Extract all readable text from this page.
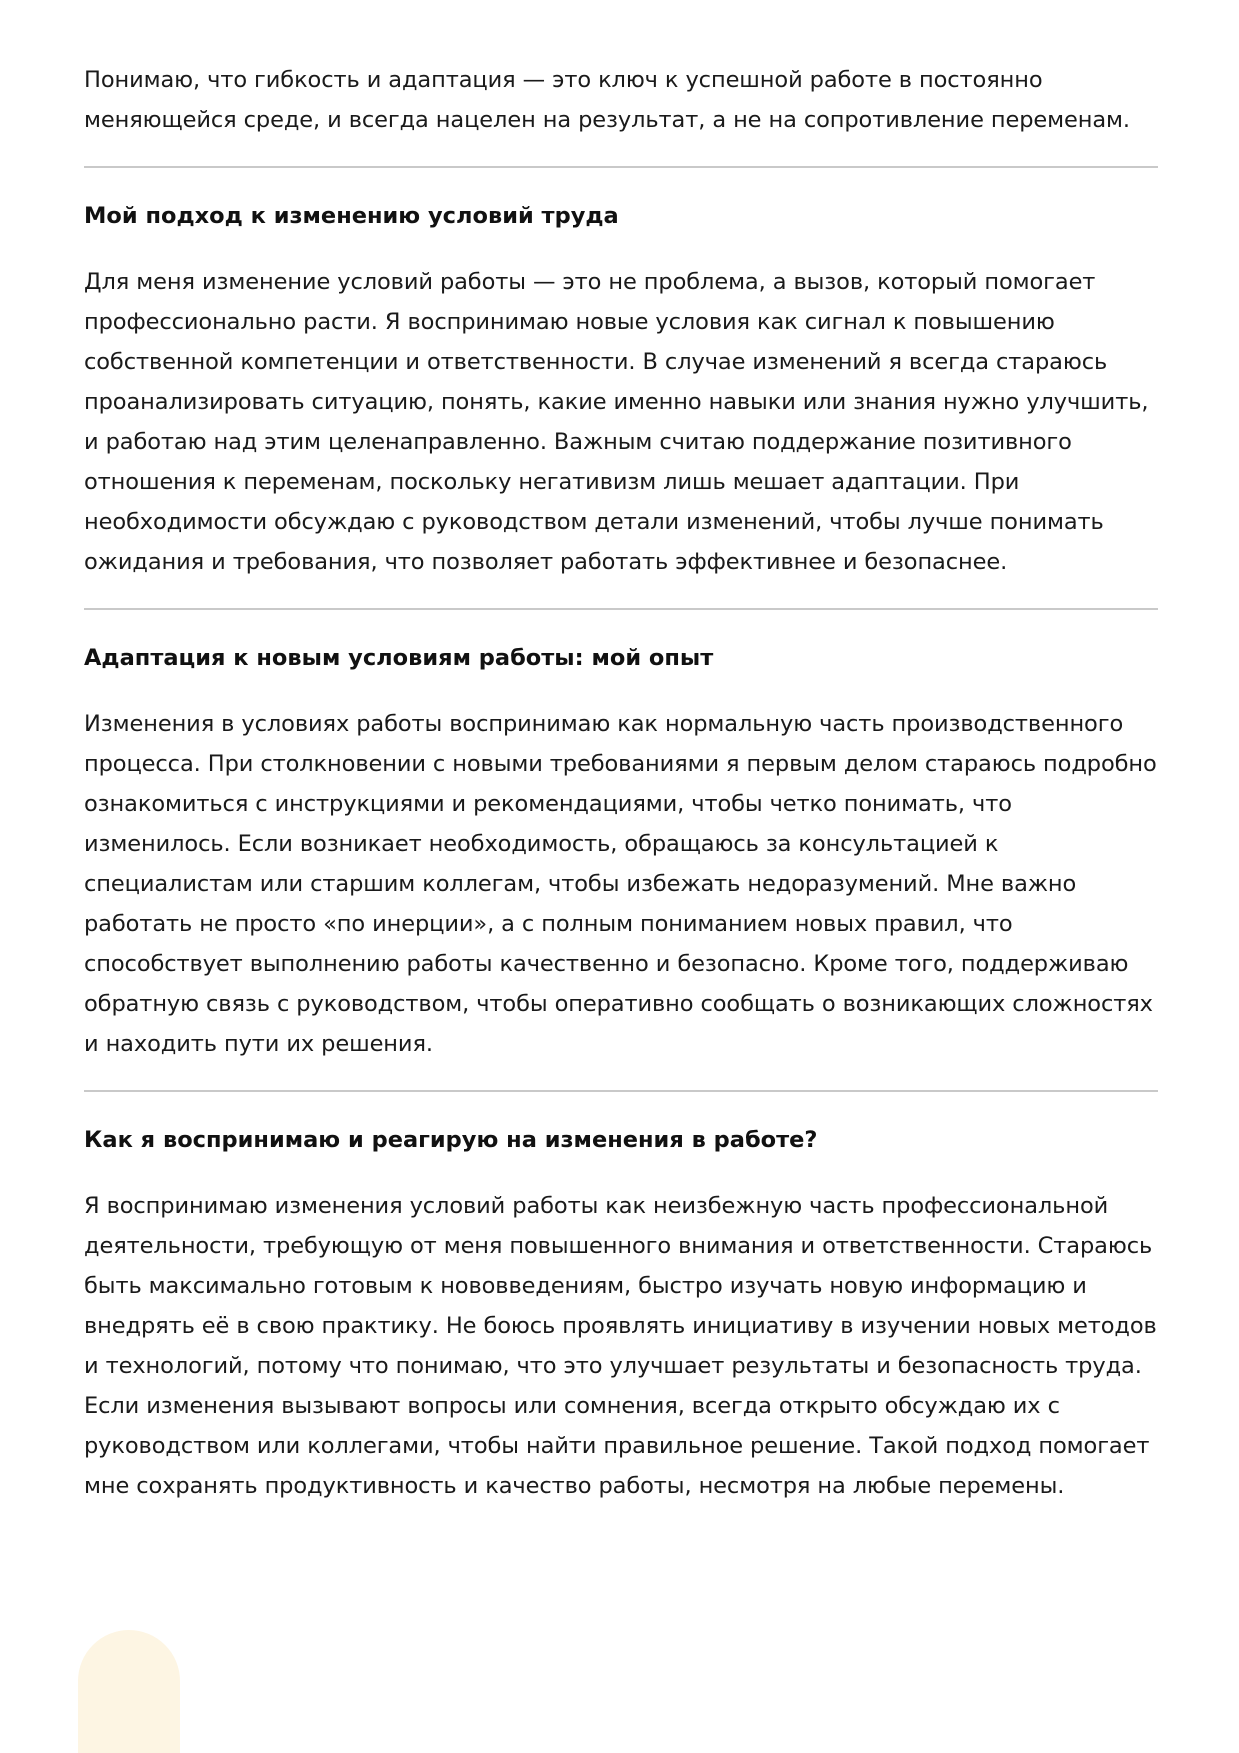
Понимаю, что гибкость и адаптация — это ключ к успешной работе в постоянно меняющейся среде, и всегда нацелен на результат, а не на сопротивление переменам.

Мой подход к изменению условий труда

Для меня изменение условий работы — это не проблема, а вызов, который помогает профессионально расти. Я воспринимаю новые условия как сигнал к повышению собственной компетенции и ответственности. В случае изменений я всегда стараюсь проанализировать ситуацию, понять, какие именно навыки или знания нужно улучшить, и работаю над этим целенаправленно. Важным считаю поддержание позитивного отношения к переменам, поскольку негативизм лишь мешает адаптации. При необходимости обсуждаю с руководством детали изменений, чтобы лучше понимать ожидания и требования, что позволяет работать эффективнее и безопаснее.

Адаптация к новым условиям работы: мой опыт

Изменения в условиях работы воспринимаю как нормальную часть производственного процесса. При столкновении с новыми требованиями я первым делом стараюсь подробно ознакомиться с инструкциями и рекомендациями, чтобы четко понимать, что изменилось. Если возникает необходимость, обращаюсь за консультацией к специалистам или старшим коллегам, чтобы избежать недоразумений. Мне важно работать не просто «по инерции», а с полным пониманием новых правил, что способствует выполнению работы качественно и безопасно. Кроме того, поддерживаю обратную связь с руководством, чтобы оперативно сообщать о возникающих сложностях и находить пути их решения.

Как я воспринимаю и реагирую на изменения в работе?

Я воспринимаю изменения условий работы как неизбежную часть профессиональной деятельности, требующую от меня повышенного внимания и ответственности. Стараюсь быть максимально готовым к нововведениям, быстро изучать новую информацию и внедрять её в свою практику. Не боюсь проявлять инициативу в изучении новых методов и технологий, потому что понимаю, что это улучшает результаты и безопасность труда. Если изменения вызывают вопросы или сомнения, всегда открыто обсуждаю их с руководством или коллегами, чтобы найти правильное решение. Такой подход помогает мне сохранять продуктивность и качество работы, несмотря на любые перемены.
